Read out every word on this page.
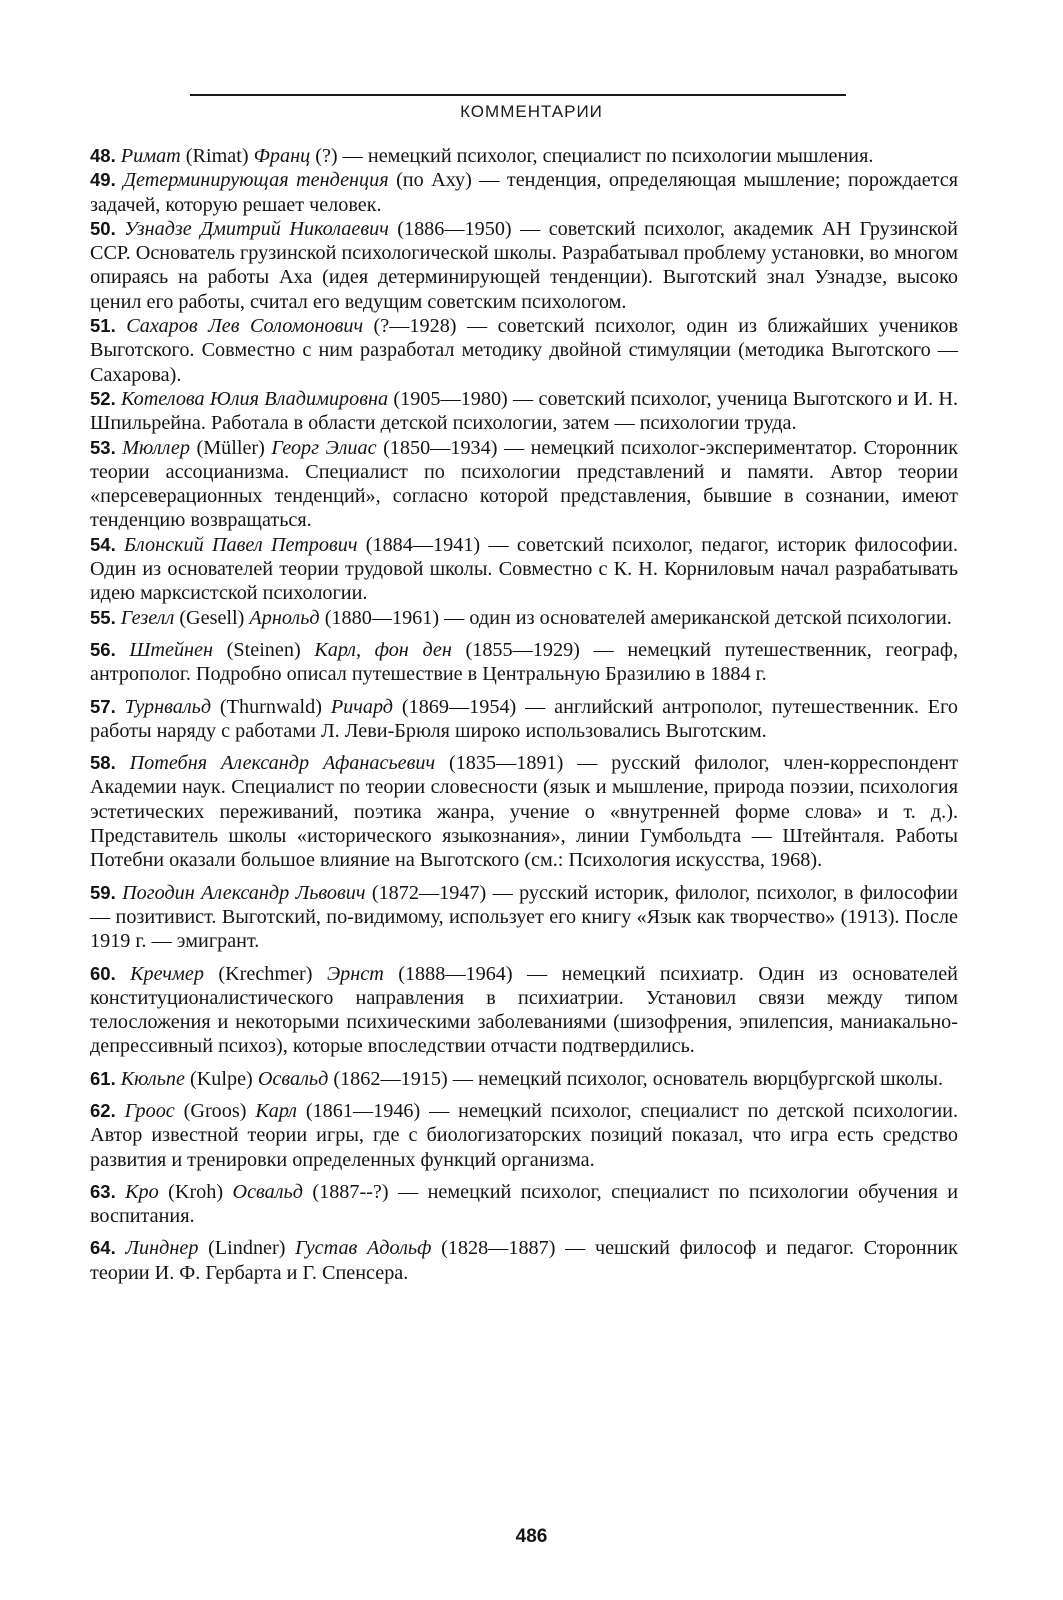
КОММЕНТАРИИ
48. Римат (Rimat) Франц (?) — немецкий психолог, специалист по психологии мышления.
49. Детерминирующая тенденция (по Аху) — тенденция, определяющая мышление; порождается задачей, которую решает человек.
50. Узнадзе Дмитрий Николаевич (1886—1950) — советский психолог, академик АН Грузинской ССР. Основатель грузинской психологической школы. Разрабатывал проблему установки, во многом опираясь на работы Аха (идея детерминирующей тенденции). Выготский знал Узнадзе, высоко ценил его работы, считал его ведущим советским психологом.
51. Сахаров Лев Соломонович (?—1928) — советский психолог, один из ближайших учеников Выготского. Совместно с ним разработал методику двойной стимуляции (методика Выготского — Сахарова).
52. Котелова Юлия Владимировна (1905—1980) — советский психолог, ученица Выготского и И. Н. Шпильрейна. Работала в области детской психологии, затем — психологии труда.
53. Мюллер (Müller) Георг Элиас (1850—1934) — немецкий психолог-экспериментатор. Сторонник теории ассоцианизма. Специалист по психологии представлений и памяти. Автор теории «персеверационных тенденций», согласно которой представления, бывшие в сознании, имеют тенденцию возвращаться.
54. Блонский Павел Петрович (1884—1941) — советский психолог, педагог, историк философии. Один из основателей теории трудовой школы. Совместно с К. Н. Корниловым начал разрабатывать идею марксистской психологии.
55. Гезелл (Gesell) Арнольд (1880—1961) — один из основателей американской детской психологии.
56. Штейнен (Steinen) Карл, фон ден (1855—1929) — немецкий путешественник, географ, антрополог. Подробно описал путешествие в Центральную Бразилию в 1884 г.
57. Турнвальд (Thurnwald) Ричард (1869—1954) — английский антрополог, путешественник. Его работы наряду с работами Л. Леви-Брюля широко использовались Выготским.
58. Потебня Александр Афанасьевич (1835—1891) — русский филолог, член-корреспондент Академии наук. Специалист по теории словесности (язык и мышление, природа поэзии, психология эстетических переживаний, поэтика жанра, учение о «внутренней форме слова» и т. д.). Представитель школы «исторического языкознания», линии Гумбольдта — Штейнталя. Работы Потебни оказали большое влияние на Выготского (см.: Психология искусства, 1968).
59. Погодин Александр Львович (1872—1947) — русский историк, филолог, психолог, в философии — позитивист. Выготский, по-видимому, использует его книгу «Язык как творчество» (1913). После 1919 г. — эмигрант.
60. Кречмер (Krechmer) Эрнст (1888—1964) — немецкий психиатр. Один из основателей конституционалистического направления в психиатрии. Установил связи между типом телосложения и некоторыми психическими заболеваниями (шизофрения, эпилепсия, маниакально-депрессивный психоз), которые впоследствии отчасти подтвердились.
61. Кюльпе (Kulpe) Освальд (1862—1915) — немецкий психолог, основатель вюрцбургской школы.
62. Гроос (Groos) Карл (1861—1946) — немецкий психолог, специалист по детской психологии. Автор известной теории игры, где с биологизаторских позиций показал, что игра есть средство развития и тренировки определенных функций организма.
63. Кро (Kroh) Освальд (1887--?) — немецкий психолог, специалист по психологии обучения и воспитания.
64. Линднер (Lindner) Густав Адольф (1828—1887) — чешский философ и педагог. Сторонник теории И. Ф. Гербарта и Г. Спенсера.
486
